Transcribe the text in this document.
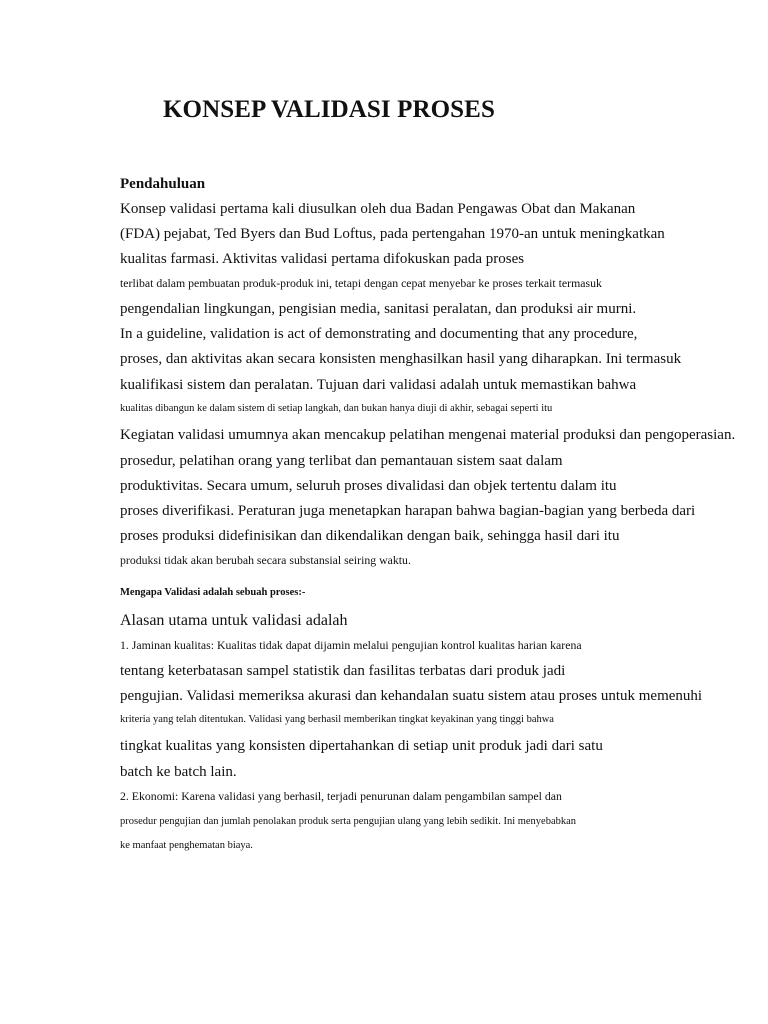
KONSEP VALIDASI PROSES

Pendahuluan

Konsep validasi pertama kali diusulkan oleh dua Badan Pengawas Obat dan Makanan

(FDA) pejabat, Ted Byers dan Bud Loftus, pada pertengahan 1970-an untuk meningkatkan

kualitas farmasi. Aktivitas validasi pertama difokuskan pada proses

terlibat dalam pembuatan produk-produk ini, tetapi dengan cepat menyebar ke proses terkait termasuk

pengendalian lingkungan, pengisian media, sanitasi peralatan, dan produksi air murni.

In a guideline, validation is act of demonstrating and documenting that any procedure,

proses, dan aktivitas akan secara konsisten menghasilkan hasil yang diharapkan. Ini termasuk

kualifikasi sistem dan peralatan. Tujuan dari validasi adalah untuk memastikan bahwa

kualitas dibangun ke dalam sistem di setiap langkah, dan bukan hanya diuji di akhir, sebagai seperti itu

Kegiatan validasi umumnya akan mencakup pelatihan mengenai material produksi dan pengoperasian.

prosedur, pelatihan orang yang terlibat dan pemantauan sistem saat dalam

produktivitas. Secara umum, seluruh proses divalidasi dan objek tertentu dalam itu

proses diverifikasi. Peraturan juga menetapkan harapan bahwa bagian-bagian yang berbeda dari

proses produksi didefinisikan dan dikendalikan dengan baik, sehingga hasil dari itu

produksi tidak akan berubah secara substansial seiring waktu.

Mengapa Validasi adalah sebuah proses:-

Alasan utama untuk validasi adalah

1. Jaminan kualitas: Kualitas tidak dapat dijamin melalui pengujian kontrol kualitas harian karena

tentang keterbatasan sampel statistik dan fasilitas terbatas dari produk jadi

pengujian. Validasi memeriksa akurasi dan kehandalan suatu sistem atau proses untuk memenuhi

kriteria yang telah ditentukan. Validasi yang berhasil memberikan tingkat keyakinan yang tinggi bahwa

tingkat kualitas yang konsisten dipertahankan di setiap unit produk jadi dari satu

batch ke batch lain.

2. Ekonomi: Karena validasi yang berhasil, terjadi penurunan dalam pengambilan sampel dan

prosedur pengujian dan jumlah penolakan produk serta pengujian ulang yang lebih sedikit. Ini menyebabkan

ke manfaat penghematan biaya.
